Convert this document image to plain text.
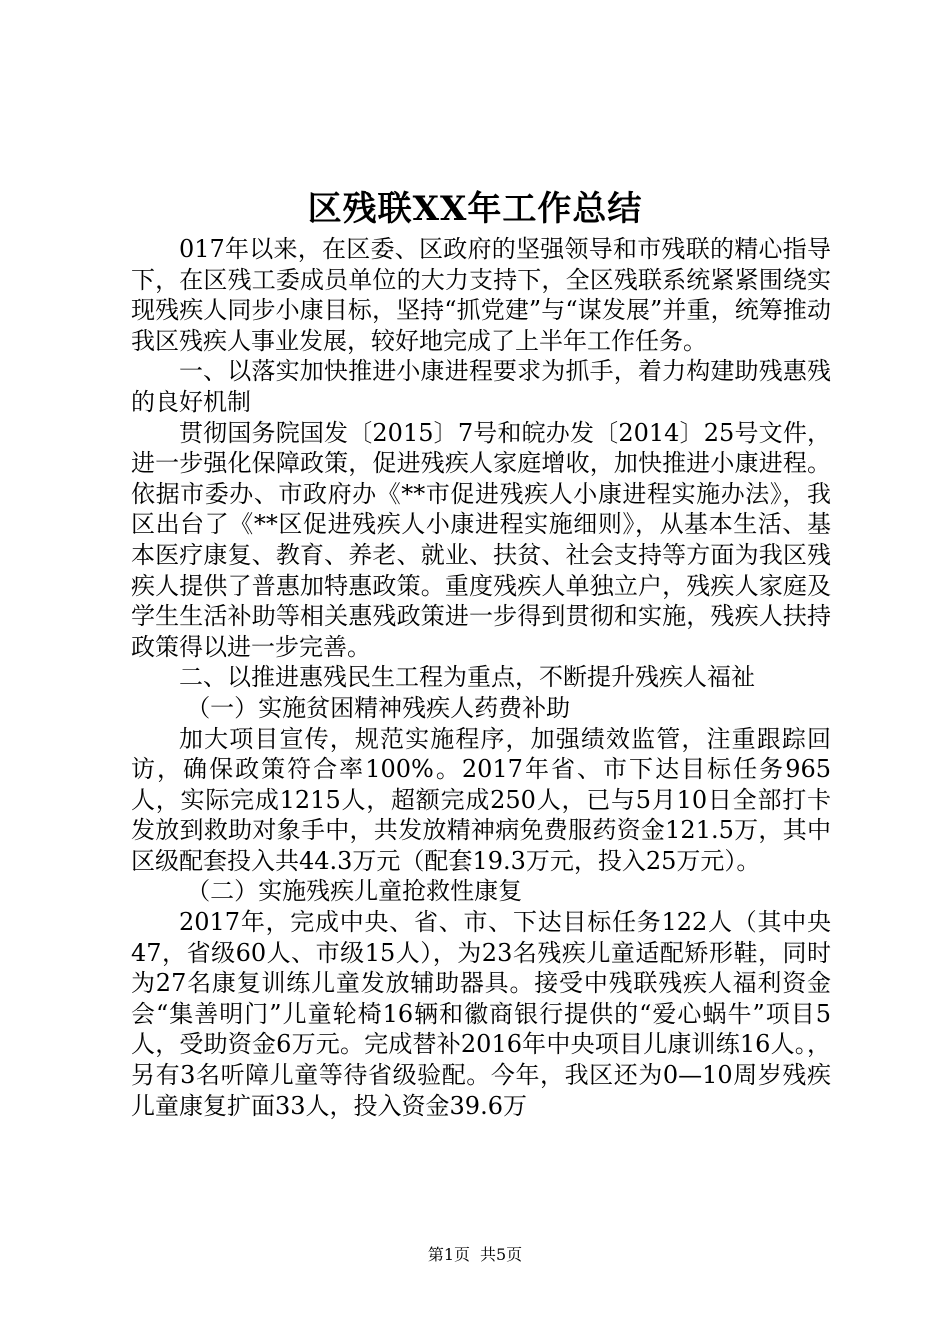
区残联XX年工作总结

017年以来，在区委、区政府的坚强领导和市残联的精心指导下，在区残工委成员单位的大力支持下，全区残联系统紧紧围绕实现残疾人同步小康目标，坚持“抓党建”与“谋发展”并重，统筹推动我区残疾人事业发展，较好地完成了上半年工作任务。

一、以落实加快推进小康进程要求为抓手，着力构建助残惠残的良好机制

贯彻国务院国发〔2015〕7号和皖办发〔2014〕25号文件，进一步强化保障政策，促进残疾人家庭增收，加快推进小康进程。依据市委办、市政府办《**市促进残疾人小康进程实施办法》，我区出台了《**区促进残疾人小康进程实施细则》，从基本生活、基本医疗康复、教育、养老、就业、扶贫、社会支持等方面为我区残疾人提供了普惠加特惠政策。重度残疾人单独立户，残疾人家庭及学生生活补助等相关惠残政策进一步得到贯彻和实施，残疾人扶持政策得以进一步完善。

二、以推进惠残民生工程为重点，不断提升残疾人福祉

（一）实施贫困精神残疾人药费补助

加大项目宣传，规范实施程序，加强绩效监管，注重跟踪回访，确保政策符合率100%。2017年省、市下达目标任务965人，实际完成1215人，超额完成250人，已与5月10日全部打卡发放到救助对象手中，共发放精神病免费服药资金121.5万，其中区级配套投入共44.3万元（配套19.3万元，投入25万元）。

（二）实施残疾儿童抢救性康复

2017年，完成中央、省、市、下达目标任务122人（其中央47，省级60人、市级15人），为23名残疾儿童适配矫形鞋，同时为27名康复训练儿童发放辅助器具。接受中残联残疾人福利资金会“集善明门”儿童轮椅16辆和徽商银行提供的“爱心蜗牛”项目5人，受助资金6万元。完成替补2016年中央项目儿康训练16人。，另有3名听障儿童等待省级验配。今年，我区还为0—10周岁残疾儿童康复扩面33人，投入资金39.6万

第1页 共5页
